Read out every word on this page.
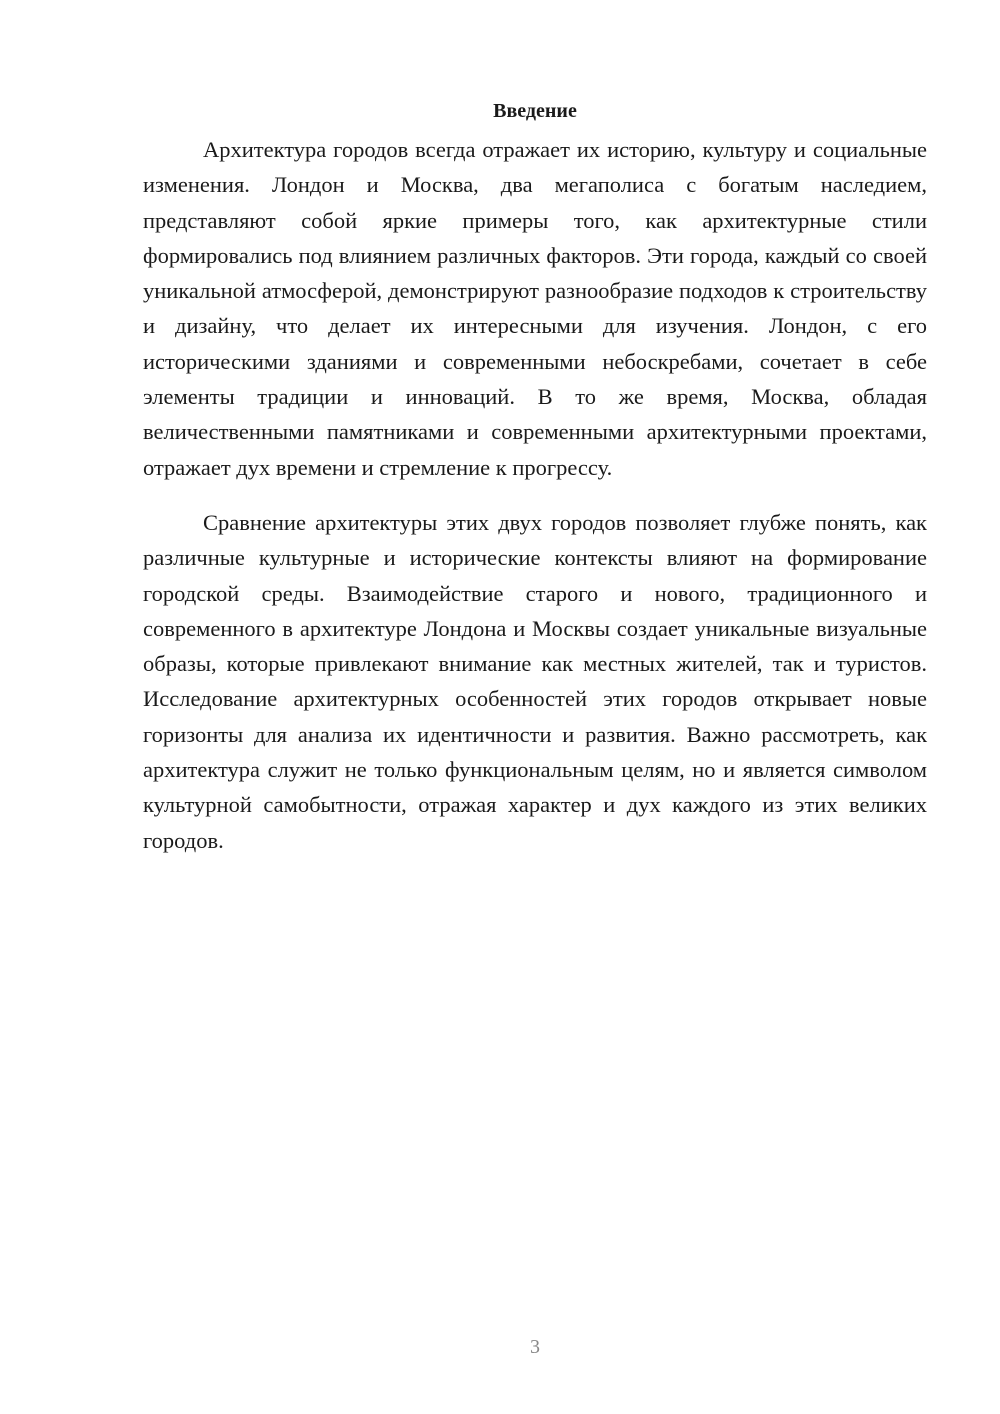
Введение

Архитектура городов всегда отражает их историю, культуру и социальные изменения. Лондон и Москва, два мегаполиса с богатым наследием, представляют собой яркие примеры того, как архитектурные стили формировались под влиянием различных факторов. Эти города, каждый со своей уникальной атмосферой, демонстрируют разнообразие подходов к строительству и дизайну, что делает их интересными для изучения. Лондон, с его историческими зданиями и современными небоскребами, сочетает в себе элементы традиции и инноваций. В то же время, Москва, обладая величественными памятниками и современными архитектурными проектами, отражает дух времени и стремление к прогрессу.

Сравнение архитектуры этих двух городов позволяет глубже понять, как различные культурные и исторические контексты влияют на формирование городской среды. Взаимодействие старого и нового, традиционного и современного в архитектуре Лондона и Москвы создает уникальные визуальные образы, которые привлекают внимание как местных жителей, так и туристов. Исследование архитектурных особенностей этих городов открывает новые горизонты для анализа их идентичности и развития. Важно рассмотреть, как архитектура служит не только функциональным целям, но и является символом культурной самобытности, отражая характер и дух каждого из этих великих городов.

3
